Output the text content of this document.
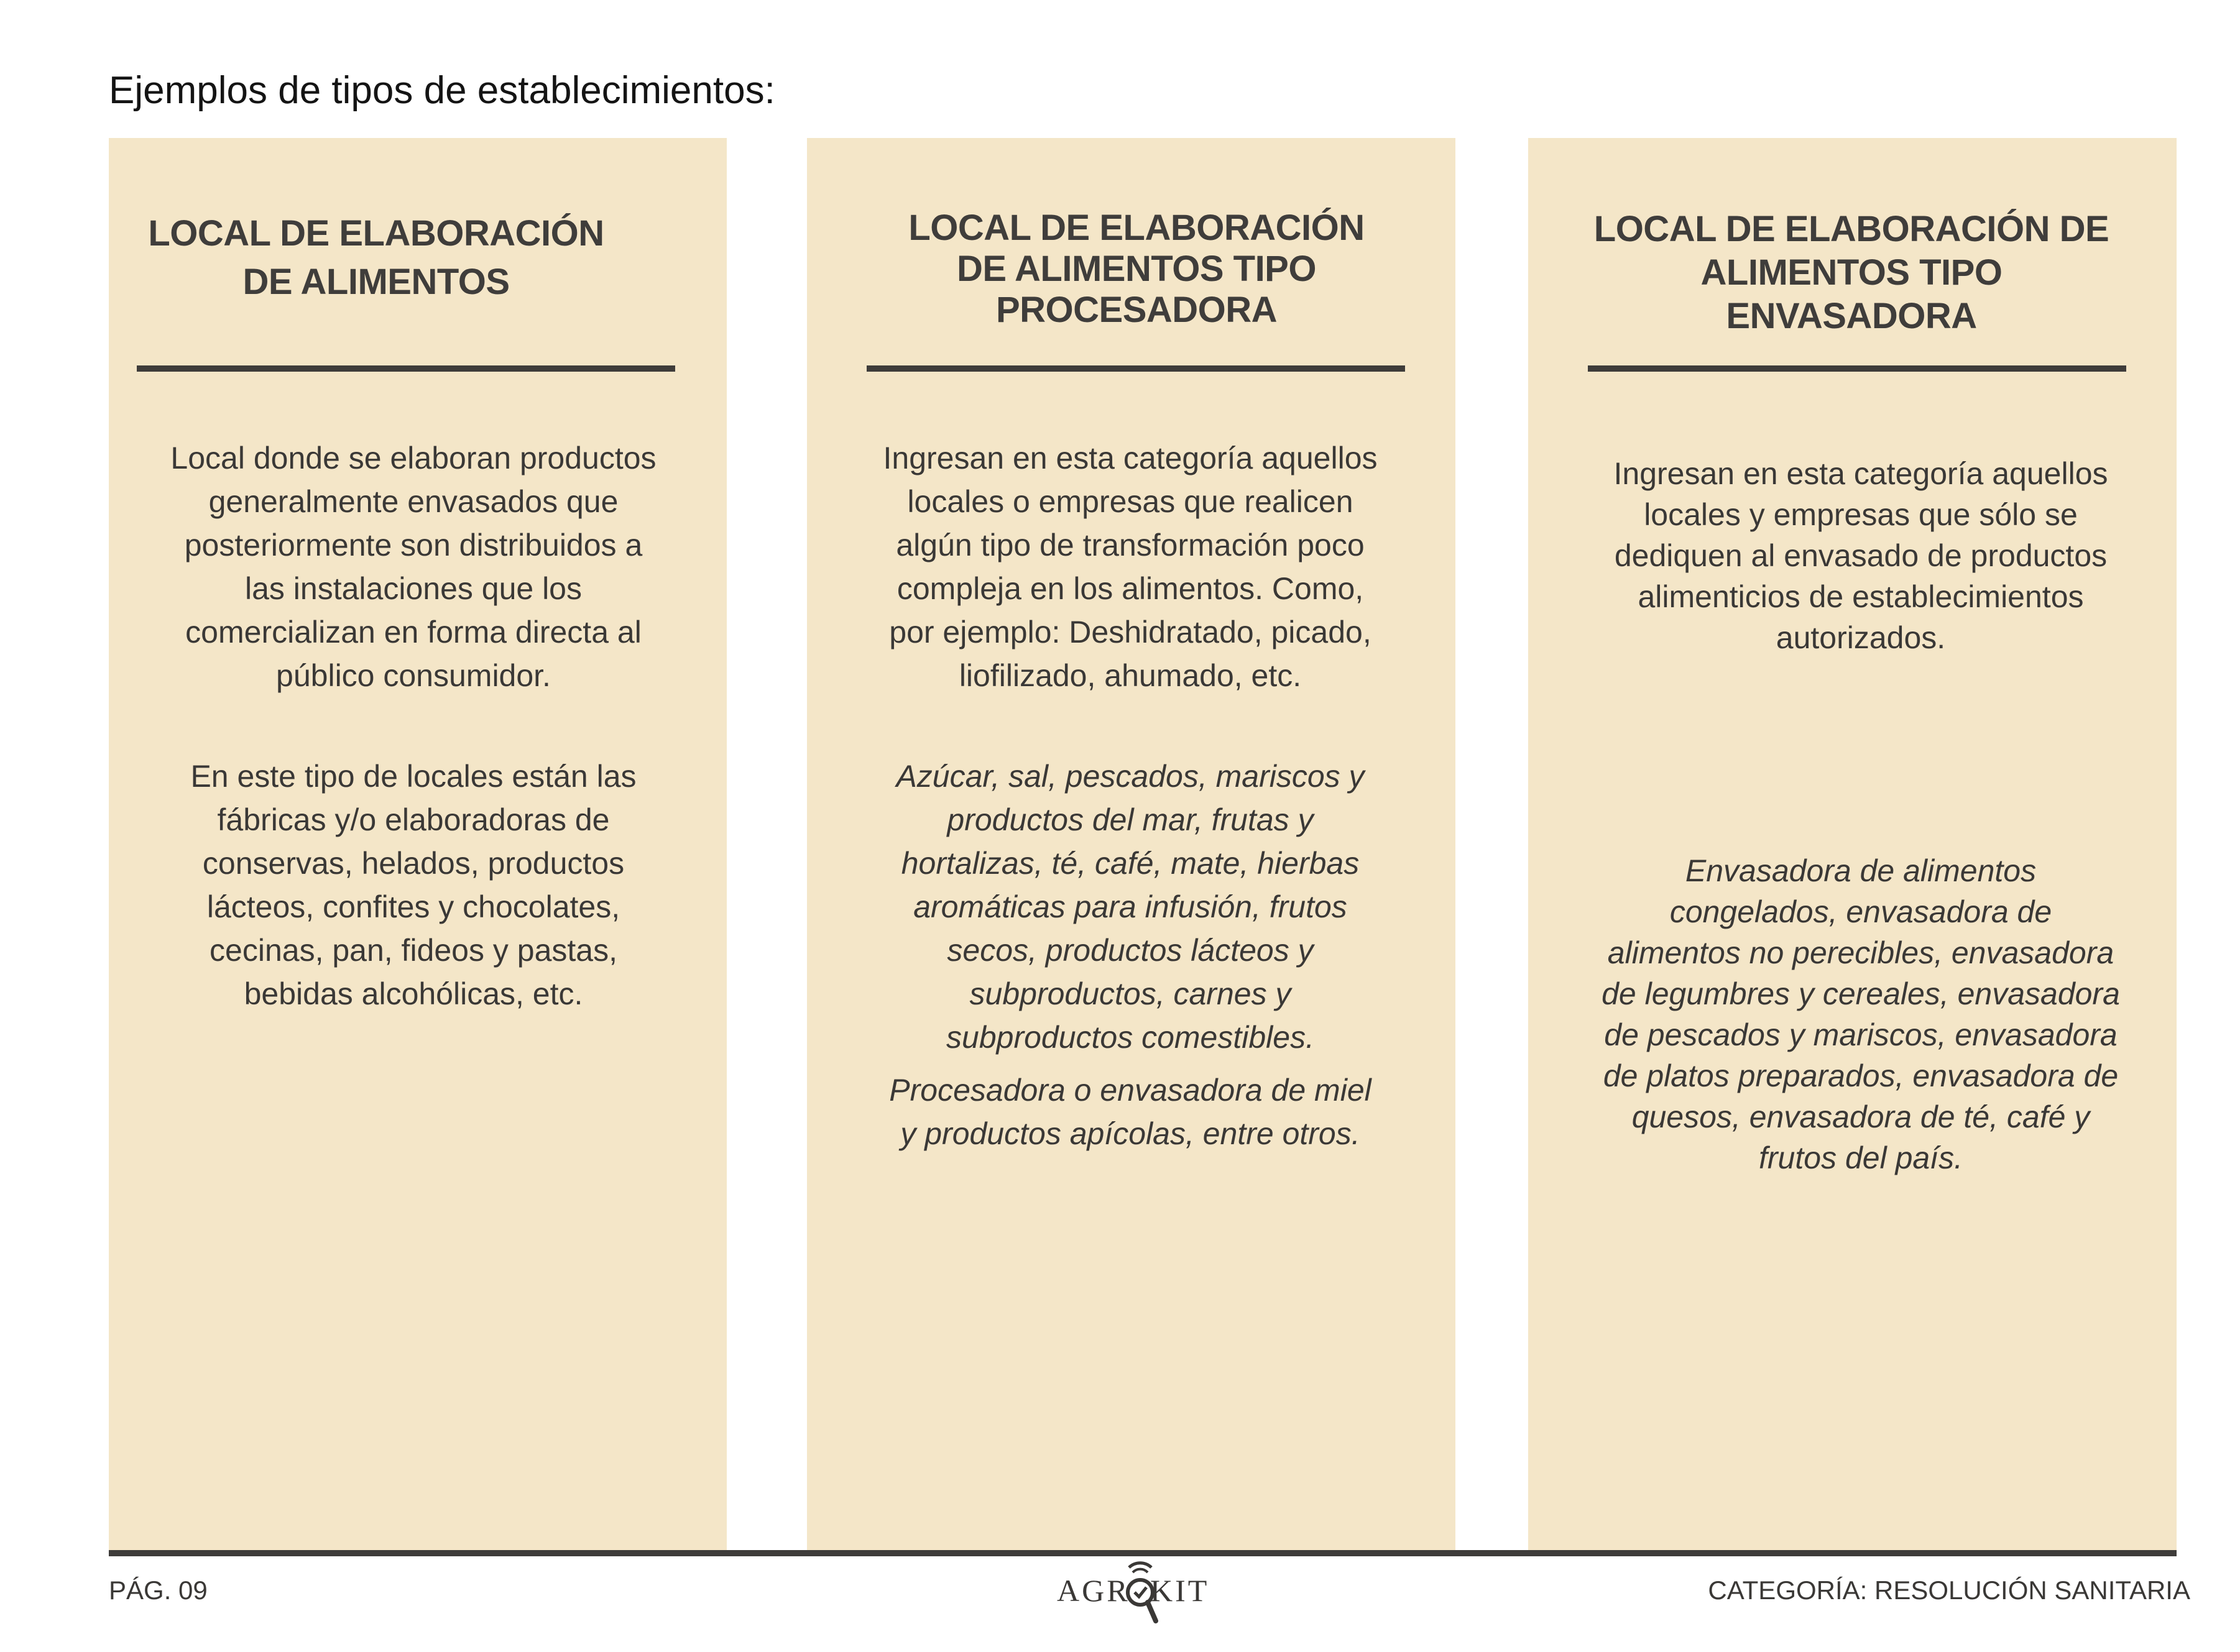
Ejemplos de tipos de establecimientos:
LOCAL DE ELABORACIÓN
DE ALIMENTOS

Local donde se elaboran productos
generalmente envasados que
posteriormente son distribuidos a
las instalaciones que los
comercializan en forma directa al
público consumidor.

En este tipo de locales están las
fábricas y/o elaboradoras de
conservas, helados, productos
lácteos, confites y chocolates,
cecinas, pan, fideos y pastas,
bebidas alcohólicas, etc.

LOCAL DE ELABORACIÓN
DE ALIMENTOS TIPO
PROCESADORA

Ingresan en esta categoría aquellos
locales o empresas que realicen
algún tipo de transformación poco
compleja en los alimentos. Como,
por ejemplo: Deshidratado, picado,
liofilizado, ahumado, etc.

Azúcar, sal, pescados, mariscos y
productos del mar, frutas y
hortalizas, té, café, mate, hierbas
aromáticas para infusión, frutos
secos, productos lácteos y
subproductos, carnes y
subproductos comestibles.

Procesadora o envasadora de miel
y productos apícolas, entre otros.

LOCAL DE ELABORACIÓN DE
ALIMENTOS TIPO
ENVASADORA

Ingresan en esta categoría aquellos
locales y empresas que sólo se
dediquen al envasado de productos
alimenticios de establecimientos
autorizados.

Envasadora de alimentos
congelados, envasadora de
alimentos no perecibles, envasadora
de legumbres y cereales, envasadora
de pescados y mariscos, envasadora
de platos preparados, envasadora de
quesos, envasadora de té, café y
frutos del país.

PÁG. 09	AGR KIT	CATEGORÍA: RESOLUCIÓN SANITARIA
